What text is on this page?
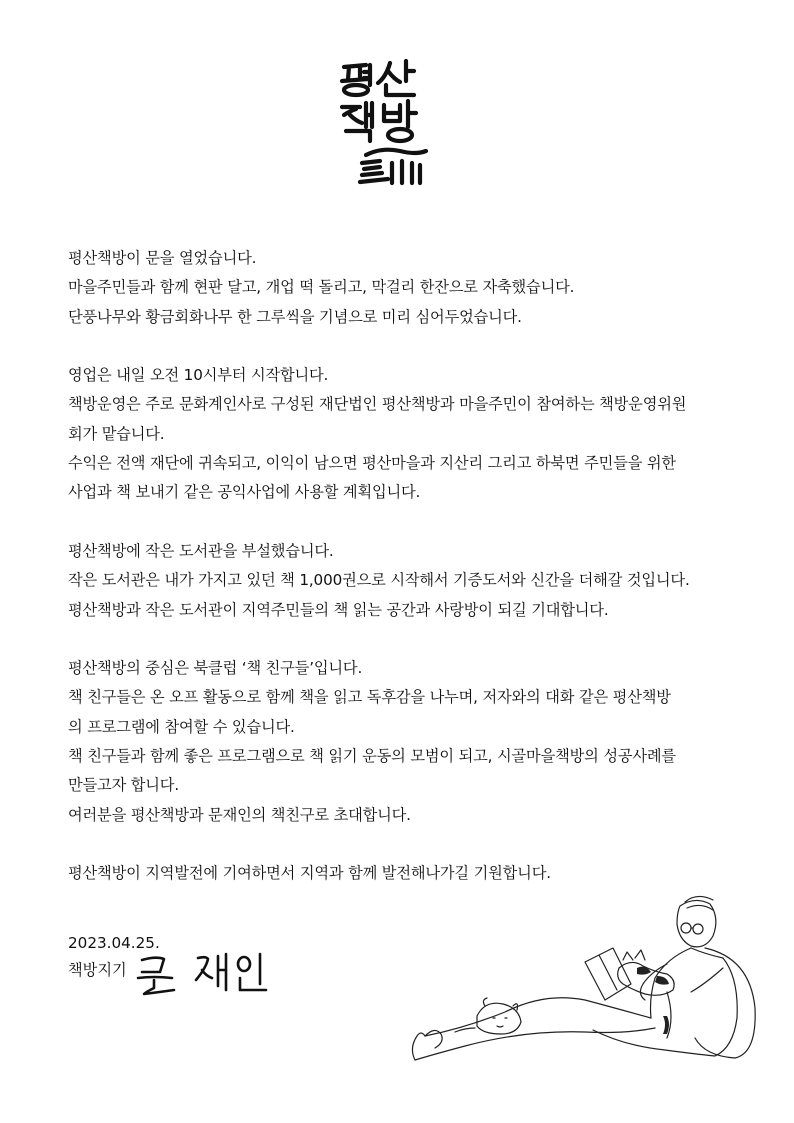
평산책방이 문을 열었습니다.
마을주민들과 함께 현판 달고, 개업 떡 돌리고, 막걸리 한잔으로 자축했습니다.
단풍나무와 황금회화나무 한 그루씩을 기념으로 미리 심어두었습니다.
영업은 내일 오전 10시부터 시작합니다.
책방운영은 주로 문화계인사로 구성된 재단법인 평산책방과 마을주민이 참여하는 책방운영위원
회가 맡습니다.
수익은 전액 재단에 귀속되고, 이익이 남으면 평산마을과 지산리 그리고 하북면 주민들을 위한
사업과 책 보내기 같은 공익사업에 사용할 계획입니다.
평산책방에 작은 도서관을 부설했습니다.
작은 도서관은 내가 가지고 있던 책 1,000권으로 시작해서 기증도서와 신간을 더해갈 것입니다.
평산책방과 작은 도서관이 지역주민들의 책 읽는 공간과 사랑방이 되길 기대합니다.
평산책방의 중심은 북클럽 ‘책 친구들’입니다.
책 친구들은 온 오프 활동으로 함께 책을 읽고 독후감을 나누며, 저자와의 대화 같은 평산책방
의 프로그램에 참여할 수 있습니다.
책 친구들과 함께 좋은 프로그램으로 책 읽기 운동의 모범이 되고, 시골마을책방의 성공사례를
만들고자 합니다.
여러분을 평산책방과 문재인의 책친구로 초대합니다.
평산책방이 지역발전에 기여하면서 지역과 함께 발전해나가길 기원합니다.
2023.04.25.
책방지기
